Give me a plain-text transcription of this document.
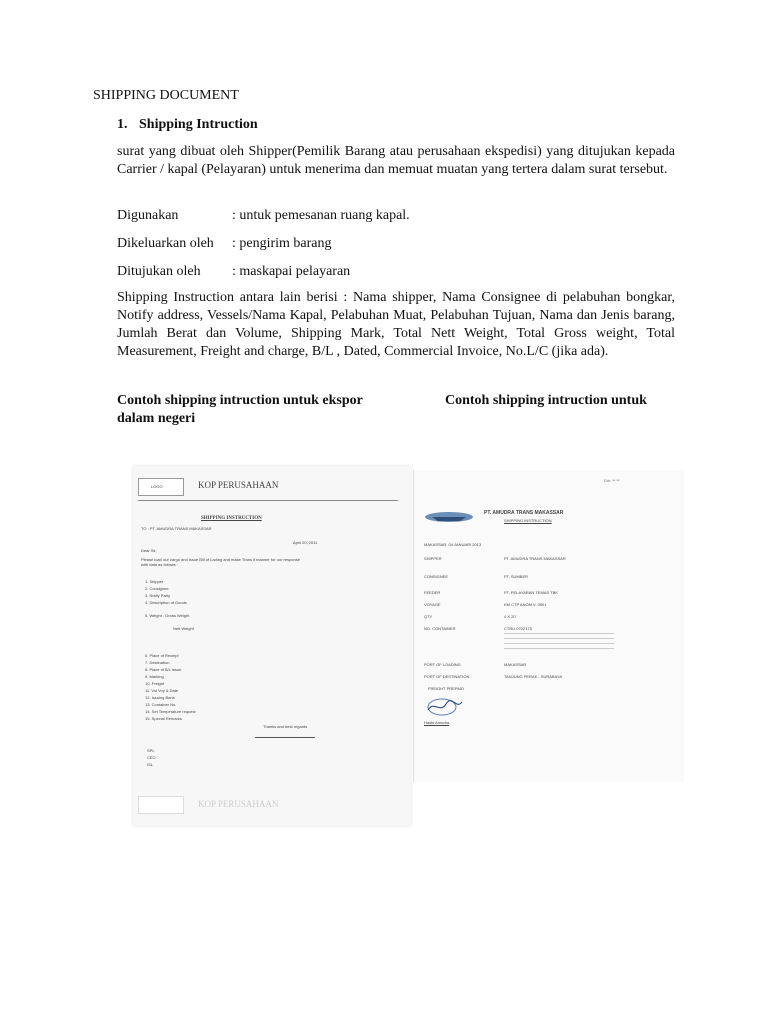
SHIPPING DOCUMENT
1. Shipping Intruction
surat yang dibuat oleh Shipper(Pemilik Barang atau perusahaan ekspedisi) yang ditujukan kepada Carrier / kapal (Pelayaran) untuk menerima dan memuat muatan yang tertera dalam surat tersebut.
Digunakan	: untuk pemesanan ruang kapal.
Dikeluarkan oleh : pengirim barang
Ditujukan oleh : maskapai pelayaran
Shipping Instruction antara lain berisi : Nama shipper, Nama Consignee di pelabuhan bongkar, Notify address, Vessels/Nama Kapal, Pelabuhan Muat, Pelabuhan Tujuan, Nama dan Jenis barang, Jumlah Berat dan Volume, Shipping Mark, Total Nett Weight, Total Gross weight, Total Measurement, Freight and charge, B/L , Dated, Commercial Invoice, No.L/C (jika ada).
Contoh shipping intruction untuk ekspor	Contoh shipping intruction untuk
dalam negeri
LOGO	KOP PERUSAHAAN
SHIPPING INSTRUCTION
TO : PT. AMUDRA TRANS MAKASSAR
April 20, 2011
Dear Sir,
Please load our cargo and issue Bill of Lading and make Trans it manner for our response with data as follows :
1. Shipper
2. Consignee
3. Notify Party
4. Description of Goods
5. Weight : Gross Weight
Nett Weight
6. Place of Receipt
7. Destination
8. Place of B/L issue
9. Marking
10. Freight
11. Vsl Voy & Date
12. Issuing Bank
13. Container No.
14. Set Temperature request
15. Special Remarks
Thanks and best regards
SPL
CEO
ISL
KOP PERUSAHAAN
PT. AMUDRA TRANS MAKASSAR
SHIPPING INSTRUCTION
Ditr. ᵃⁿ ⁿᵃ
MAKASSAR, 04 JANUARI 2013
SHIPPER	PT. AMUDRA TRANS MAKASSAR
CONSIGNEE	PT. SUMBER
FEEDER	PT. PELAYARAN TEMAS TBK
VOYAGE	KM CTP ANOM V. 0901
QTY	4 X 20'
NO. CONTAINER	CTRU 0702175
PORT OF LOADING	MAKASSAR
PORT OF DESTINATION	TANJUNG PERAK - SURABAYA
FREIGHT PREPAID
Hasbi Amudra
